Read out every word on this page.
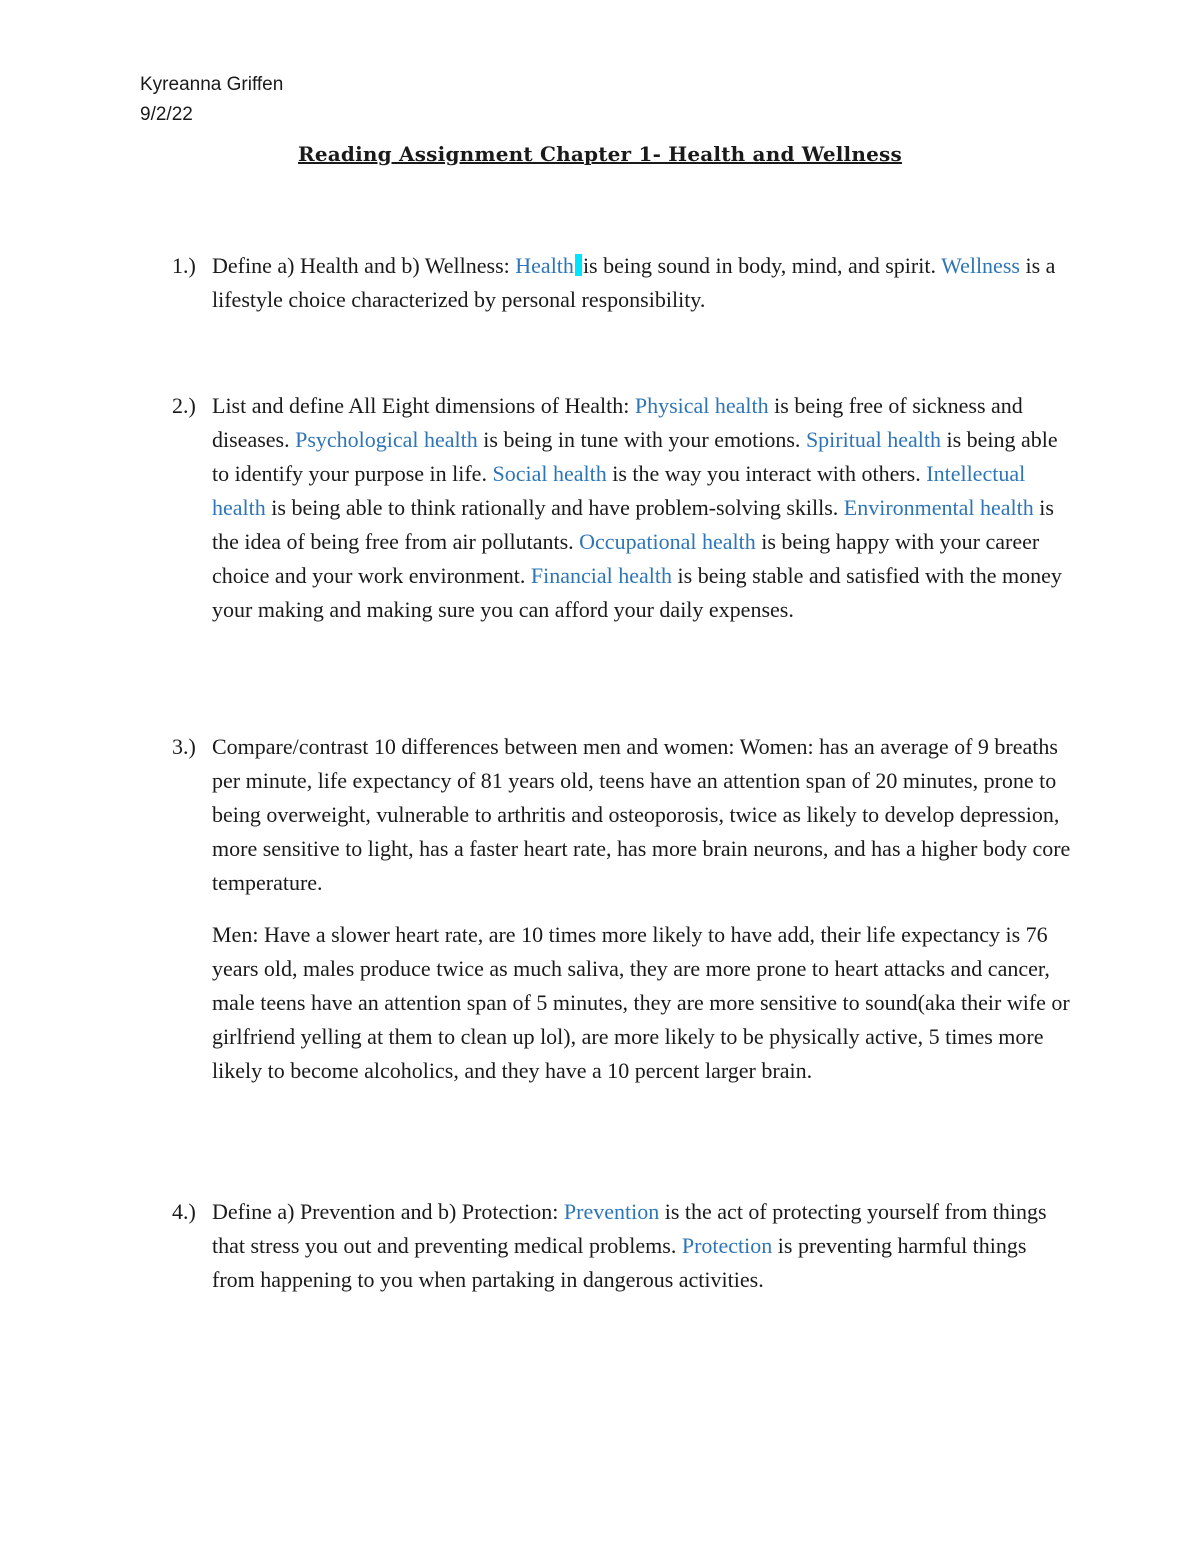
Kyreanna Griffen
9/2/22
Reading Assignment Chapter 1- Health and Wellness
1.) Define a) Health and b) Wellness: Health is being sound in body, mind, and spirit. Wellness is a lifestyle choice characterized by personal responsibility.

2.) List and define All Eight dimensions of Health: Physical health is being free of sickness and diseases. Psychological health is being in tune with your emotions. Spiritual health is being able to identify your purpose in life. Social health is the way you interact with others. Intellectual health is being able to think rationally and have problem-solving skills. Environmental health is the idea of being free from air pollutants. Occupational health is being happy with your career choice and your work environment. Financial health is being stable and satisfied with the money your making and making sure you can afford your daily expenses.

3.) Compare/contrast 10 differences between men and women: Women: has an average of 9 breaths per minute, life expectancy of 81 years old, teens have an attention span of 20 minutes, prone to being overweight, vulnerable to arthritis and osteoporosis, twice as likely to develop depression, more sensitive to light, has a faster heart rate, has more brain neurons, and has a higher body core temperature.

Men: Have a slower heart rate, are 10 times more likely to have add, their life expectancy is 76 years old, males produce twice as much saliva, they are more prone to heart attacks and cancer, male teens have an attention span of 5 minutes, they are more sensitive to sound(aka their wife or girlfriend yelling at them to clean up lol), are more likely to be physically active, 5 times more likely to become alcoholics, and they have a 10 percent larger brain.

4.) Define a) Prevention and b) Protection: Prevention is the act of protecting yourself from things that stress you out and preventing medical problems. Protection is preventing harmful things from happening to you when partaking in dangerous activities.
